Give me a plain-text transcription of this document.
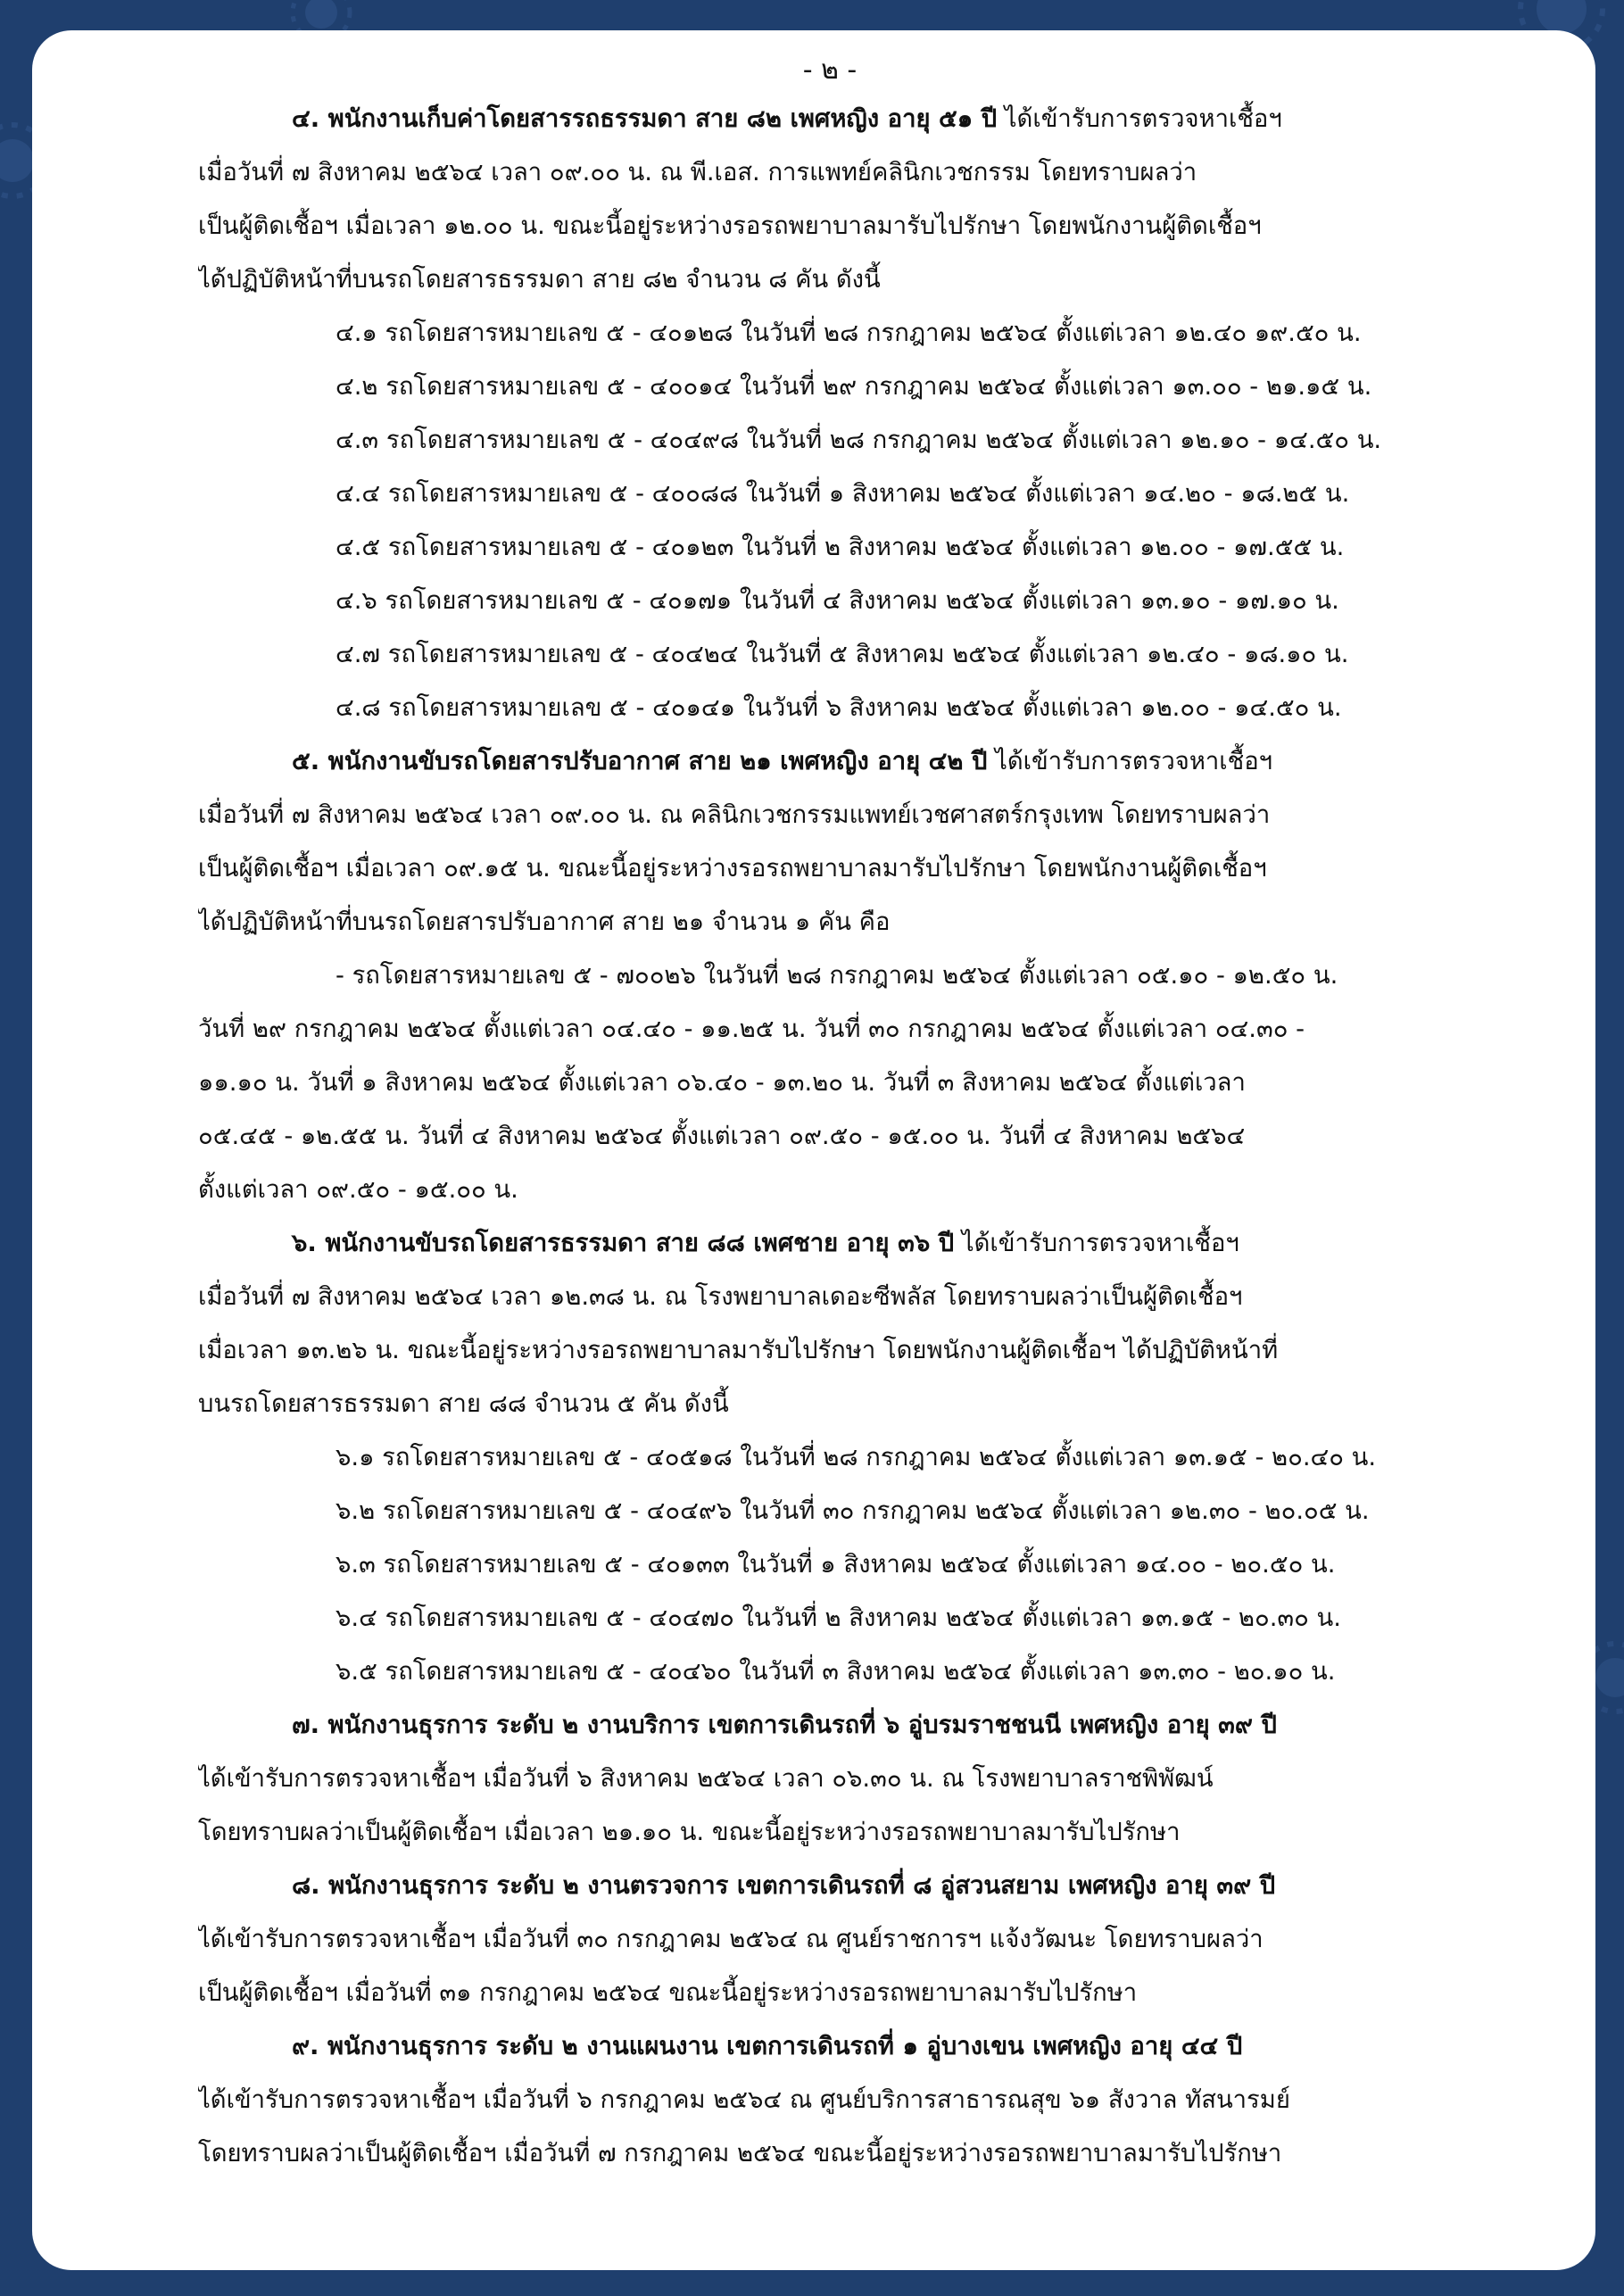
- ๒ -
๔. พนักงานเก็บค่าโดยสารรถธรรมดา สาย ๘๒ เพศหญิง อายุ ๕๑ ปี ได้เข้ารับการตรวจหาเชื้อฯ
เมื่อวันที่ ๗ สิงหาคม ๒๕๖๔ เวลา ๐๙.๐๐ น. ณ พี.เอส. การแพทย์คลินิกเวชกรรม โดยทราบผลว่า
เป็นผู้ติดเชื้อฯ เมื่อเวลา ๑๒.๐๐ น. ขณะนี้อยู่ระหว่างรอรถพยาบาลมารับไปรักษา โดยพนักงานผู้ติดเชื้อฯ
ได้ปฏิบัติหน้าที่บนรถโดยสารธรรมดา สาย ๘๒ จำนวน ๘ คัน ดังนี้
๔.๑ รถโดยสารหมายเลข ๕ - ๔๐๑๒๘ ในวันที่ ๒๘ กรกฎาคม ๒๕๖๔ ตั้งแต่เวลา ๑๒.๔๐ ๑๙.๕๐ น.
๔.๒ รถโดยสารหมายเลข ๕ - ๔๐๐๑๔ ในวันที่ ๒๙ กรกฎาคม ๒๕๖๔ ตั้งแต่เวลา ๑๓.๐๐ - ๒๑.๑๕ น.
๔.๓ รถโดยสารหมายเลข ๕ - ๔๐๔๙๘ ในวันที่ ๒๘ กรกฎาคม ๒๕๖๔ ตั้งแต่เวลา ๑๒.๑๐ - ๑๔.๕๐ น.
๔.๔ รถโดยสารหมายเลข ๕ - ๔๐๐๘๘ ในวันที่ ๑ สิงหาคม ๒๕๖๔ ตั้งแต่เวลา ๑๔.๒๐ - ๑๘.๒๕ น.
๔.๕ รถโดยสารหมายเลข ๕ - ๔๐๑๒๓ ในวันที่ ๒ สิงหาคม ๒๕๖๔ ตั้งแต่เวลา ๑๒.๐๐ - ๑๗.๕๕ น.
๔.๖ รถโดยสารหมายเลข ๕ - ๔๐๑๗๑ ในวันที่ ๔ สิงหาคม ๒๕๖๔ ตั้งแต่เวลา ๑๓.๑๐ - ๑๗.๑๐ น.
๔.๗ รถโดยสารหมายเลข ๕ - ๔๐๔๒๔ ในวันที่ ๕ สิงหาคม ๒๕๖๔ ตั้งแต่เวลา ๑๒.๔๐ - ๑๘.๑๐ น.
๔.๘ รถโดยสารหมายเลข ๕ - ๔๐๑๔๑ ในวันที่ ๖ สิงหาคม ๒๕๖๔ ตั้งแต่เวลา ๑๒.๐๐ - ๑๔.๕๐ น.
๕. พนักงานขับรถโดยสารปรับอากาศ สาย ๒๑ เพศหญิง อายุ ๔๒ ปี ได้เข้ารับการตรวจหาเชื้อฯ
เมื่อวันที่ ๗ สิงหาคม ๒๕๖๔ เวลา ๐๙.๐๐ น. ณ คลินิกเวชกรรมแพทย์เวชศาสตร์กรุงเทพ โดยทราบผลว่า
เป็นผู้ติดเชื้อฯ เมื่อเวลา ๐๙.๑๕ น. ขณะนี้อยู่ระหว่างรอรถพยาบาลมารับไปรักษา โดยพนักงานผู้ติดเชื้อฯ
ได้ปฏิบัติหน้าที่บนรถโดยสารปรับอากาศ สาย ๒๑ จำนวน ๑ คัน คือ
- รถโดยสารหมายเลข ๕ - ๗๐๐๒๖ ในวันที่ ๒๘ กรกฎาคม ๒๕๖๔ ตั้งแต่เวลา ๐๕.๑๐ - ๑๒.๕๐ น.
วันที่ ๒๙ กรกฎาคม ๒๕๖๔ ตั้งแต่เวลา ๐๔.๔๐ - ๑๑.๒๕ น. วันที่ ๓๐ กรกฎาคม ๒๕๖๔ ตั้งแต่เวลา ๐๔.๓๐ -
๑๑.๑๐ น. วันที่ ๑ สิงหาคม ๒๕๖๔ ตั้งแต่เวลา ๐๖.๔๐ - ๑๓.๒๐ น. วันที่ ๓ สิงหาคม ๒๕๖๔ ตั้งแต่เวลา
๐๕.๔๕ - ๑๒.๕๕ น. วันที่ ๔ สิงหาคม ๒๕๖๔ ตั้งแต่เวลา ๐๙.๕๐ - ๑๕.๐๐ น. วันที่ ๔ สิงหาคม ๒๕๖๔
ตั้งแต่เวลา ๐๙.๕๐ - ๑๕.๐๐ น.
๖. พนักงานขับรถโดยสารธรรมดา สาย ๘๘ เพศชาย อายุ ๓๖ ปี ได้เข้ารับการตรวจหาเชื้อฯ
เมื่อวันที่ ๗ สิงหาคม ๒๕๖๔ เวลา ๑๒.๓๘ น. ณ โรงพยาบาลเดอะซีพลัส โดยทราบผลว่าเป็นผู้ติดเชื้อฯ
เมื่อเวลา ๑๓.๒๖ น. ขณะนี้อยู่ระหว่างรอรถพยาบาลมารับไปรักษา โดยพนักงานผู้ติดเชื้อฯ ได้ปฏิบัติหน้าที่
บนรถโดยสารธรรมดา สาย ๘๘ จำนวน ๕ คัน ดังนี้
๖.๑ รถโดยสารหมายเลข ๕ - ๔๐๕๑๘ ในวันที่ ๒๘ กรกฎาคม ๒๕๖๔ ตั้งแต่เวลา ๑๓.๑๕ - ๒๐.๔๐ น.
๖.๒ รถโดยสารหมายเลข ๕ - ๔๐๔๙๖ ในวันที่ ๓๐ กรกฎาคม ๒๕๖๔ ตั้งแต่เวลา ๑๒.๓๐ - ๒๐.๐๕ น.
๖.๓ รถโดยสารหมายเลข ๕ - ๔๐๑๓๓ ในวันที่ ๑ สิงหาคม ๒๕๖๔ ตั้งแต่เวลา ๑๔.๐๐ - ๒๐.๕๐ น.
๖.๔ รถโดยสารหมายเลข ๕ - ๔๐๔๗๐ ในวันที่ ๒ สิงหาคม ๒๕๖๔ ตั้งแต่เวลา ๑๓.๑๕ - ๒๐.๓๐ น.
๖.๕ รถโดยสารหมายเลข ๕ - ๔๐๔๖๐ ในวันที่ ๓ สิงหาคม ๒๕๖๔ ตั้งแต่เวลา ๑๓.๓๐ - ๒๐.๑๐ น.
๗. พนักงานธุรการ ระดับ ๒ งานบริการ เขตการเดินรถที่ ๖ อู่บรมราชชนนี เพศหญิง อายุ ๓๙ ปี
ได้เข้ารับการตรวจหาเชื้อฯ เมื่อวันที่ ๖ สิงหาคม ๒๕๖๔ เวลา ๐๖.๓๐ น. ณ โรงพยาบาลราชพิพัฒน์
โดยทราบผลว่าเป็นผู้ติดเชื้อฯ เมื่อเวลา ๒๑.๑๐ น. ขณะนี้อยู่ระหว่างรอรถพยาบาลมารับไปรักษา
๘. พนักงานธุรการ ระดับ ๒ งานตรวจการ เขตการเดินรถที่ ๘ อู่สวนสยาม เพศหญิง อายุ ๓๙ ปี
ได้เข้ารับการตรวจหาเชื้อฯ เมื่อวันที่ ๓๐ กรกฎาคม ๒๕๖๔ ณ ศูนย์ราชการฯ แจ้งวัฒนะ โดยทราบผลว่า
เป็นผู้ติดเชื้อฯ เมื่อวันที่ ๓๑ กรกฎาคม ๒๕๖๔ ขณะนี้อยู่ระหว่างรอรถพยาบาลมารับไปรักษา
๙. พนักงานธุรการ ระดับ ๒ งานแผนงาน เขตการเดินรถที่ ๑ อู่บางเขน เพศหญิง อายุ ๔๔ ปี
ได้เข้ารับการตรวจหาเชื้อฯ เมื่อวันที่ ๖ กรกฎาคม ๒๕๖๔ ณ ศูนย์บริการสาธารณสุข ๖๑ สังวาล ทัสนารมย์
โดยทราบผลว่าเป็นผู้ติดเชื้อฯ เมื่อวันที่ ๗ กรกฎาคม ๒๕๖๔ ขณะนี้อยู่ระหว่างรอรถพยาบาลมารับไปรักษา
